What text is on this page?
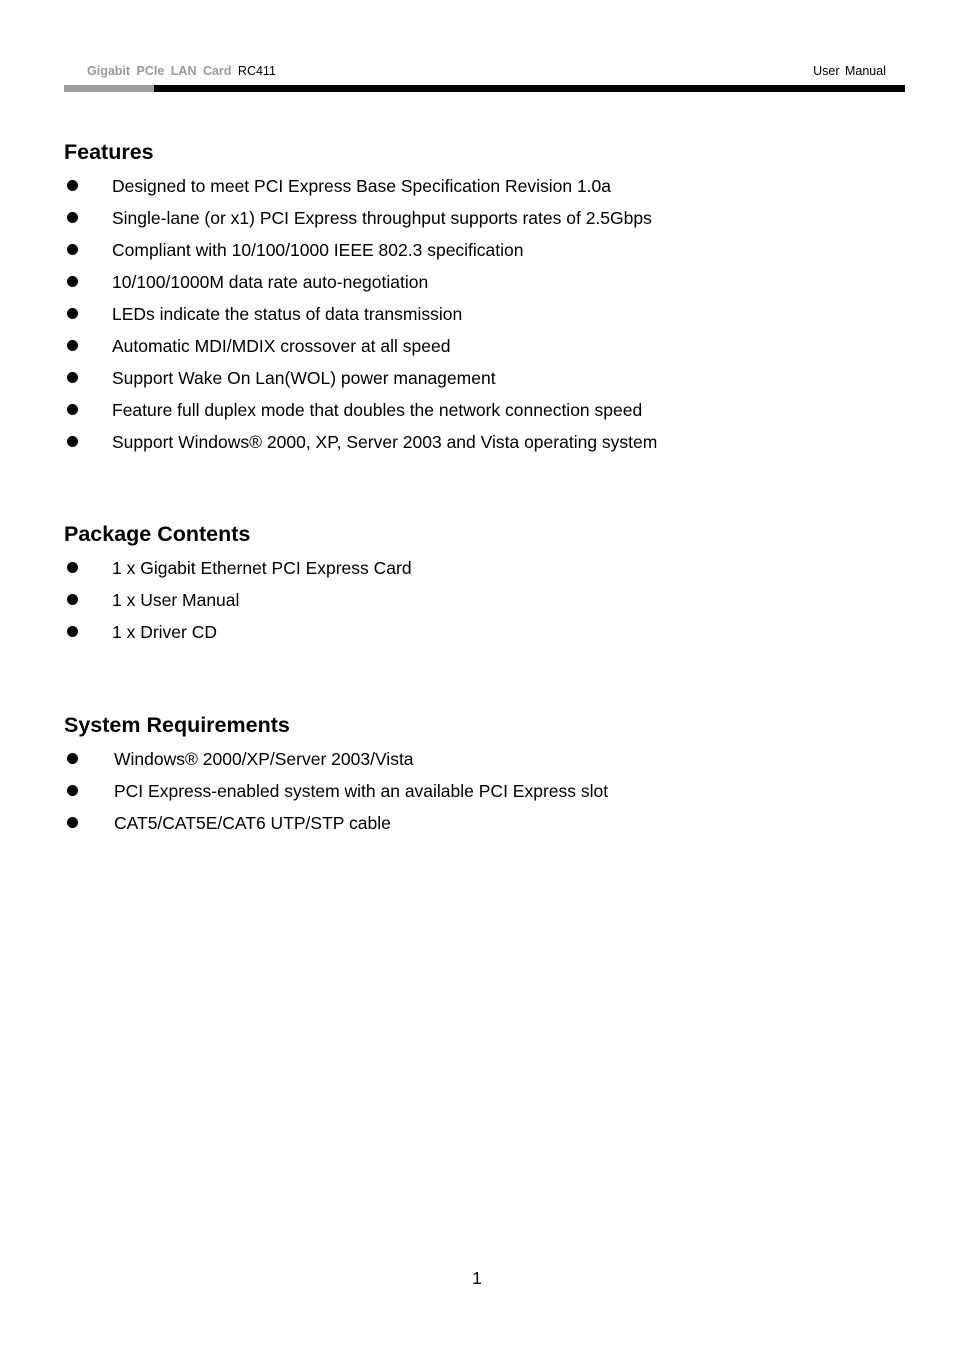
Gigabit PCIe LAN Card RC411	User Manual
Features
Designed to meet PCI Express Base Specification Revision 1.0a
Single-lane (or x1) PCI Express throughput supports rates of 2.5Gbps
Compliant with 10/100/1000 IEEE 802.3 specification
10/100/1000M data rate auto-negotiation
LEDs indicate the status of data transmission
Automatic MDI/MDIX crossover at all speed
Support Wake On Lan(WOL) power management
Feature full duplex mode that doubles the network connection speed
Support Windows® 2000, XP, Server 2003 and Vista operating system
Package Contents
1 x Gigabit Ethernet PCI Express Card
1 x User Manual
1 x Driver CD
System Requirements
Windows® 2000/XP/Server 2003/Vista
PCI Express-enabled system with an available PCI Express slot
CAT5/CAT5E/CAT6 UTP/STP cable
1
